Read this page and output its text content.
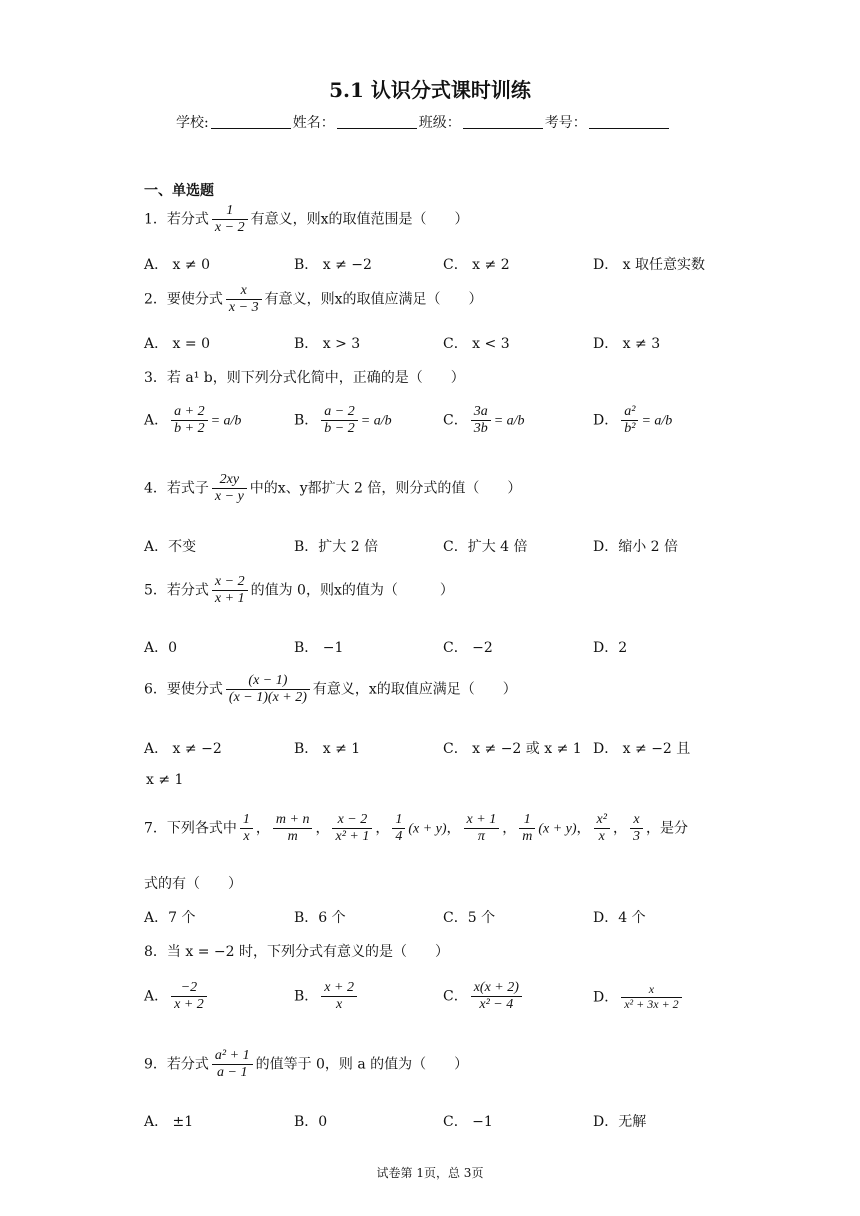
5.1 认识分式课时训练
学校:	姓名：	班级：	考号：
一、单选题
1．若分式 $\frac{1}{x - 2}$ 有意义，则x的取值范围是（　　）
A． x ≠ 0	B． x ≠ −2	C． x ≠ 2	D． x 取任意实数
2．要使分式 $\frac{x}{x - 3}$ 有意义，则x的取值应满足（　　）
A． x = 0	B． x > 3	C． x < 3	D． x ≠ 3
3．若 a¹ b，则下列分式化简中，正确的是（　　）
A． $\frac{a + 2}{b + 2} = a/b$	B． $\frac{a - 2}{b - 2} = a/b$	C． $\frac{3a}{3b} = a/b$	D． $\frac{\text{a²}}{\text{b²}} = a/b$
4．若式子 $\frac{2xy}{x - y}$ 中的x、y都扩大 2 倍，则分式的值（　　）
A．不变	B．扩大 2 倍	C．扩大 4 倍	D．缩小 2 倍
5．若分式 $\frac{x - 2}{x + 1}$ 的值为 0，则x的值为（　　　）
A．0	B． −1	C． −2	D．2
6．要使分式 $\frac{(x - 1)}{(x - 1)(x + 2)}$ 有意义，x的取值应满足（　　）
A． x ≠ −2	B． x ≠ 1	C． x ≠ −2 或 x ≠ 1 D． x ≠ −2 且
x ≠ 1
7．下列各式中 $\frac{1}{x}$ ， $\frac{m + n}{m}$ ， $\frac{x - 2}{\text{x² + 1}}$ ， $\frac{1}{4} (x + y)$， $\frac{x + 1}{\pi}$ ， $\frac{1}{m} (x + y)$， $\frac{\text{x²}}{x}$ ， $\frac{x}{3}$ ，是分
式的有（　　）
A．7 个	B．6 个	C．5 个	D．4 个
8．当 x = −2 时，下列分式有意义的是（　　）
A． $\frac{-2}{x + 2}$	B． $\frac{x + 2}{x}$	C． $\frac{x(x + 2)}{\text{x² − 4}}$	D． $\frac{x}{\text{x² + 3x + 2}}$
9．若分式 $\frac{\text{a² + 1}}{a - 1}$ 的值等于 0，则 a 的值为（　　）
A． ±1	B．0	C． −1	D．无解
试卷第 1页，总 3页
